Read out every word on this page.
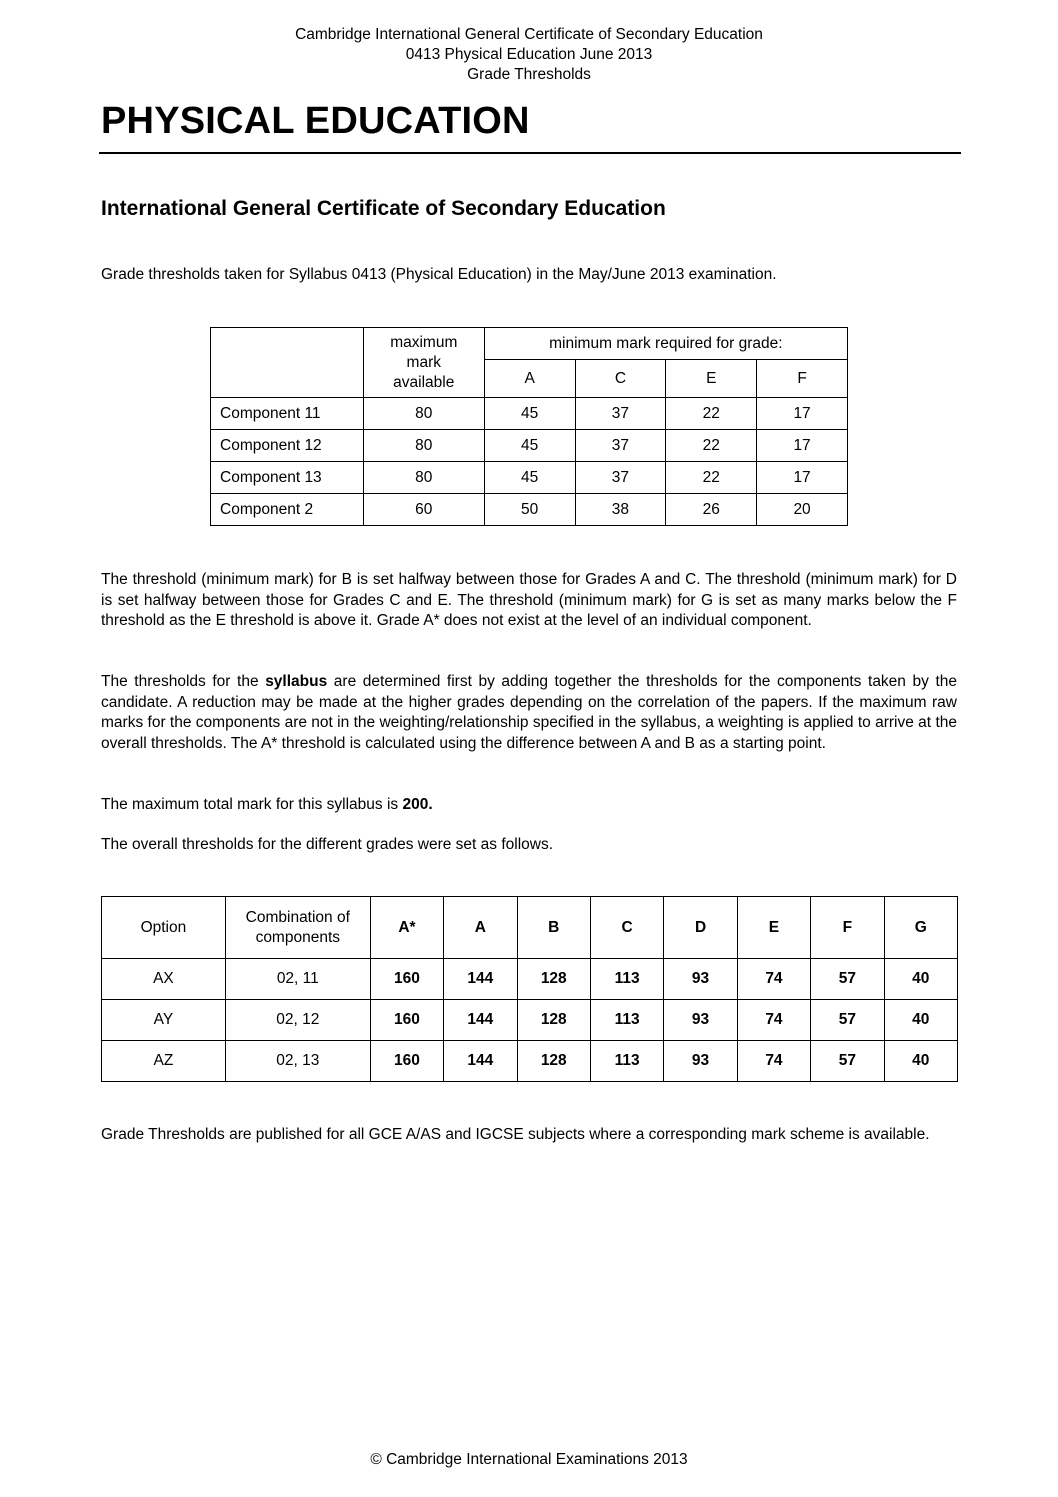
Cambridge International General Certificate of Secondary Education
0413 Physical Education June 2013
Grade Thresholds
PHYSICAL EDUCATION
International General Certificate of Secondary Education
Grade thresholds taken for Syllabus 0413 (Physical Education) in the May/June 2013 examination.

	maximum
mark
available	minimum mark required for grade:			
		A	C	E	F
Component 11	80	45	37	22	17
Component 12	80	45	37	22	17
Component 13	80	45	37	22	17
Component 2	60	50	38	26	20
The threshold (minimum mark) for B is set halfway between those for Grades A and C. The threshold (minimum mark) for D is set halfway between those for Grades C and E. The threshold (minimum mark) for G is set as many marks below the F threshold as the E threshold is above it. Grade A* does not exist at the level of an individual component.
The thresholds for the syllabus are determined first by adding together the thresholds for the components taken by the candidate. A reduction may be made at the higher grades depending on the correlation of the papers. If the maximum raw marks for the components are not in the weighting/relationship specified in the syllabus, a weighting is applied to arrive at the overall thresholds. The A* threshold is calculated using the difference between A and B as a starting point.
The maximum total mark for this syllabus is 200.
The overall thresholds for the different grades were set as follows.
Option	Combination of
components	A*	A	B	C	D	E	F	G
AX	02, 11	160	144	128	113	93	74	57	40
AY	02, 12	160	144	128	113	93	74	57	40
AZ	02, 13	160	144	128	113	93	74	57	40
Grade Thresholds are published for all GCE A/AS and IGCSE subjects where a corresponding mark scheme is available.
© Cambridge International Examinations 2013
